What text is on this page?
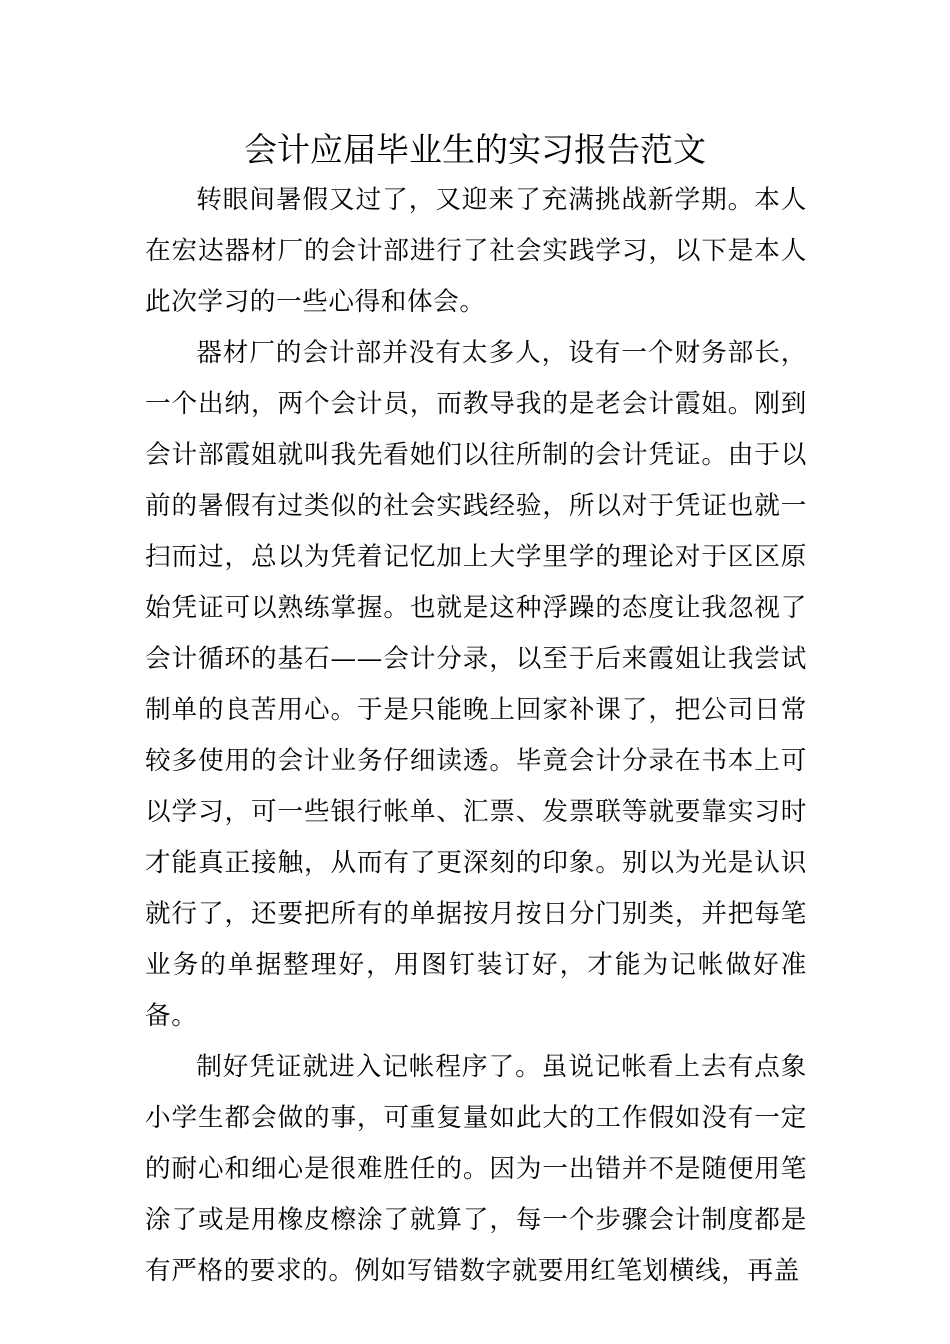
会计应届毕业生的实习报告范文

转眼间暑假又过了，又迎来了充满挑战新学期。本人在宏达器材厂的会计部进行了社会实践学习，以下是本人此次学习的一些心得和体会。

器材厂的会计部并没有太多人，设有一个财务部长，一个出纳，两个会计员，而教导我的是老会计霞姐。刚到会计部霞姐就叫我先看她们以往所制的会计凭证。由于以前的暑假有过类似的社会实践经验，所以对于凭证也就一扫而过，总以为凭着记忆加上大学里学的理论对于区区原始凭证可以熟练掌握。也就是这种浮躁的态度让我忽视了会计循环的基石——会计分录，以至于后来霞姐让我尝试制单的良苦用心。于是只能晚上回家补课了，把公司日常较多使用的会计业务仔细读透。毕竟会计分录在书本上可以学习，可一些银行帐单、汇票、发票联等就要靠实习时才能真正接触，从而有了更深刻的印象。别以为光是认识就行了，还要把所有的单据按月按日分门别类，并把每笔业务的单据整理好，用图钉装订好，才能为记帐做好准备。

制好凭证就进入记帐程序了。虽说记帐看上去有点象小学生都会做的事，可重复量如此大的工作假如没有一定的耐心和细心是很难胜任的。因为一出错并不是随便用笔涂了或是用橡皮檫涂了就算了，每一个步骤会计制度都是有严格的要求的。例如写错数字就要用红笔划横线，再盖
